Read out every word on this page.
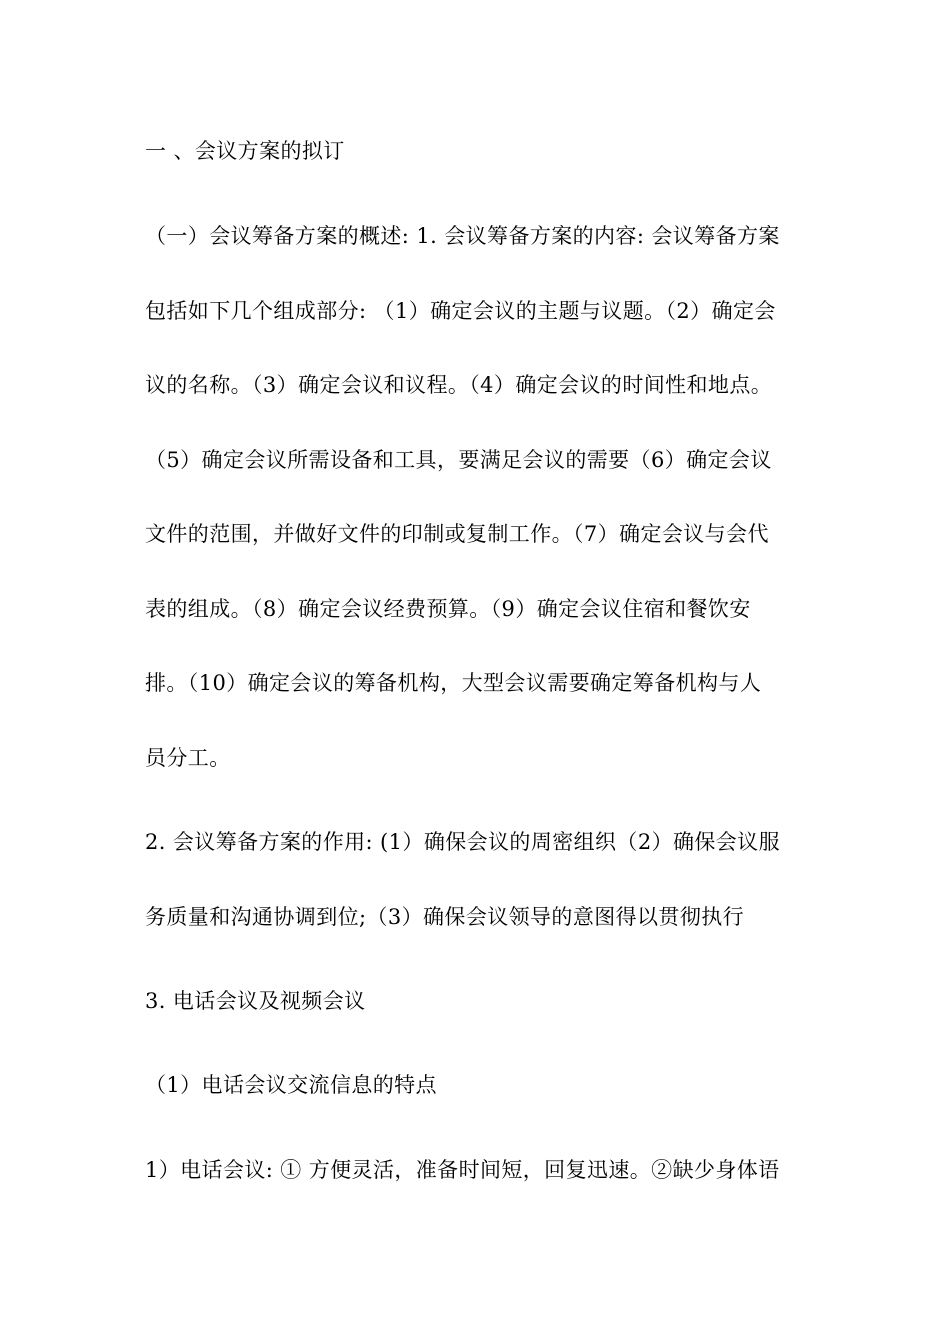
一 、会议方案的拟订
（一）会议筹备方案的概述: 1. 会议筹备方案的内容: 会议筹备方案
包括如下几个组成部分: （1）确定会议的主题与议题。（2）确定会
议的名称。（3）确定会议和议程。（4）确定会议的时间性和地点。
（5）确定会议所需设备和工具，要满足会议的需要（6）确定会议
文件的范围，并做好文件的印制或复制工作。（7）确定会议与会代
表的组成。（8）确定会议经费预算。（9）确定会议住宿和餐饮安
排。（10）确定会议的筹备机构，大型会议需要确定筹备机构与人
员分工。
2. 会议筹备方案的作用: (1）确保会议的周密组织（2）确保会议服
务质量和沟通协调到位;（3）确保会议领导的意图得以贯彻执行
3. 电话会议及视频会议
（1）电话会议交流信息的特点
1）电话会议: ① 方便灵活，准备时间短，回复迅速。②缺少身体语
